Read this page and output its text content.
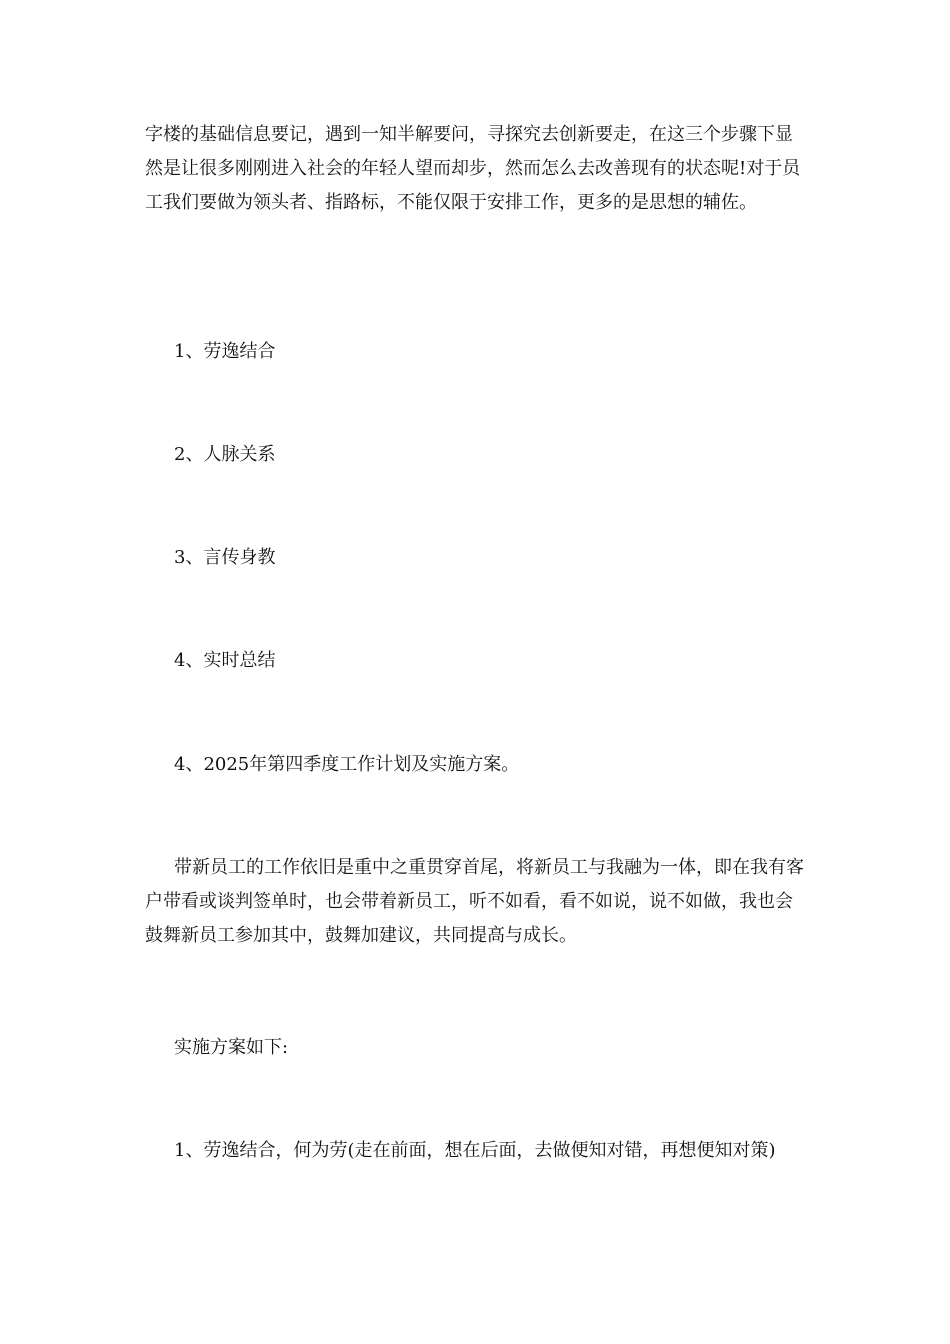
字楼的基础信息要记，遇到一知半解要问，寻探究去创新要走，在这三个步骤下显然是让很多刚刚进入社会的年轻人望而却步，然而怎么去改善现有的状态呢!对于员工我们要做为领头者、指路标，不能仅限于安排工作，更多的是思想的辅佐。

1、劳逸结合

2、人脉关系

3、言传身教

4、实时总结

4、2025年第四季度工作计划及实施方案。

带新员工的工作依旧是重中之重贯穿首尾，将新员工与我融为一体，即在我有客户带看或谈判签单时，也会带着新员工，听不如看，看不如说，说不如做，我也会鼓舞新员工参加其中，鼓舞加建议，共同提高与成长。

实施方案如下:

1、劳逸结合，何为劳(走在前面，想在后面，去做便知对错，再想便知对策)
